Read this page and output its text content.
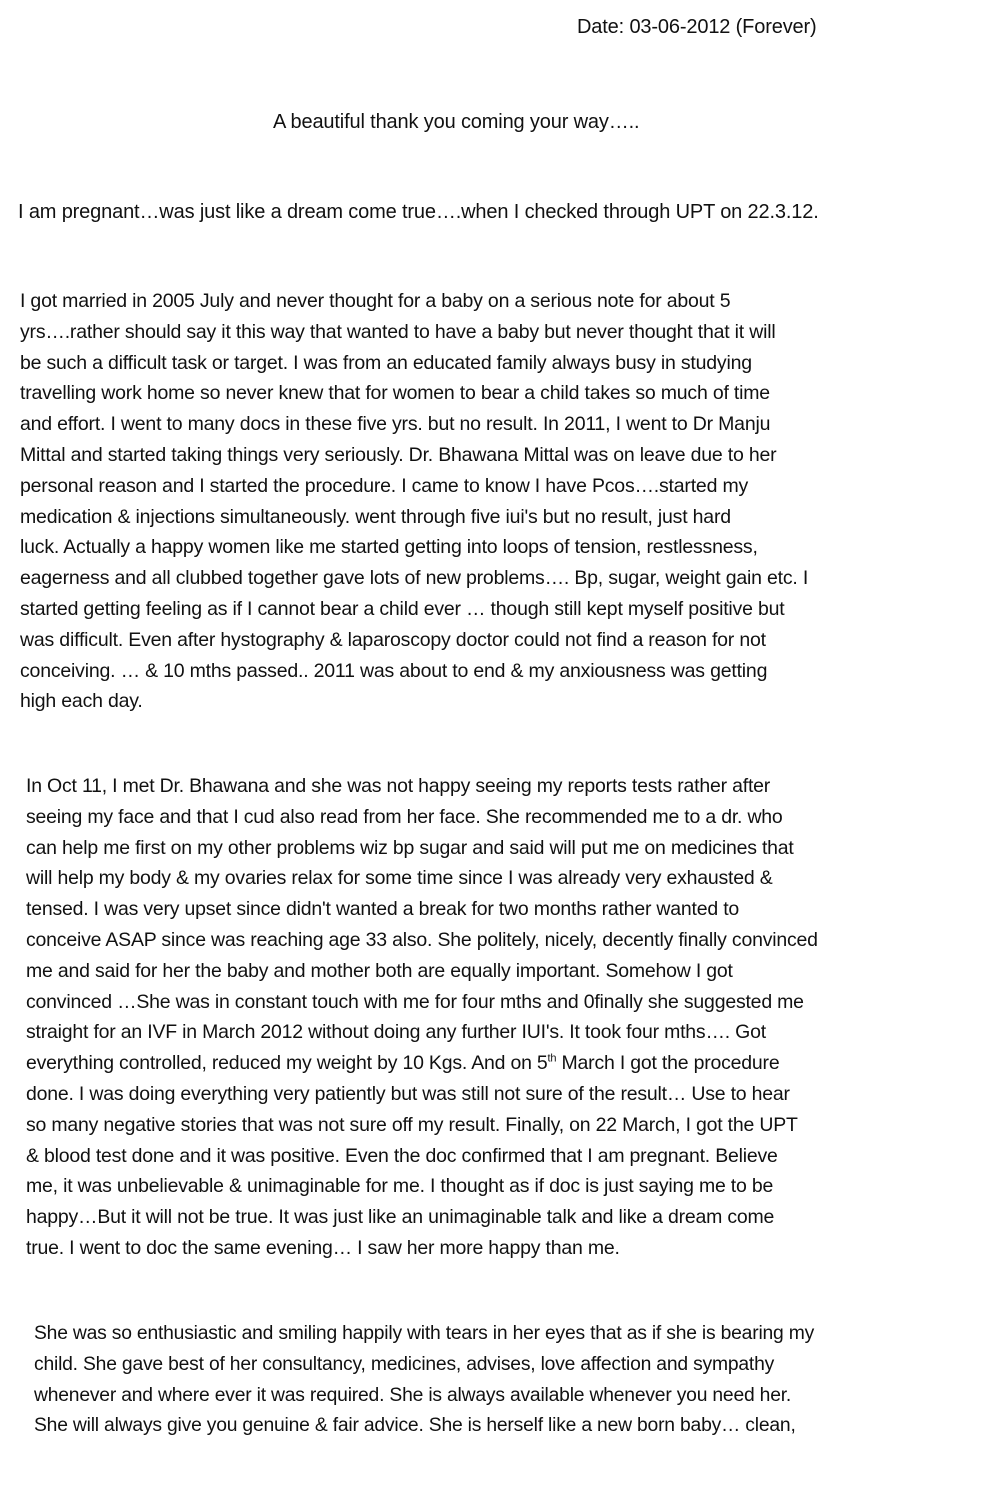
Date: 03-06-2012 (Forever)
A beautiful thank you coming your way…..
I am pregnant…was just like a dream come true….when I checked through UPT on 22.3.12.
I got married in 2005 July and never thought for a baby on a serious note for about 5
yrs….rather should say it this way that wanted to have a baby but never thought that it will
be such a difficult task or target. I was from an educated family always busy in studying
travelling work home so never knew that for women to bear a child takes so much of time
and effort. I went to many docs in these five yrs. but no result. In 2011, I went to Dr Manju
Mittal and started taking things very seriously. Dr. Bhawana Mittal was on leave due to her
personal reason and I started the procedure. I came to know I have Pcos….started my
medication & injections simultaneously. went through five iui's but no result, just hard
luck. Actually a happy women like me started getting into loops of tension, restlessness,
eagerness and all clubbed together gave lots of new problems…. Bp, sugar, weight gain etc. I
started getting feeling as if I cannot bear a child ever … though still kept myself positive but
was difficult. Even after hystography & laparoscopy doctor could not find a reason for not
conceiving. … & 10 mths passed.. 2011 was about to end & my anxiousness was getting
high each day.
In Oct 11, I met Dr. Bhawana and she was not happy seeing my reports tests rather after
seeing my face and that I cud also read from her face. She recommended me to a dr. who
can help me first on my other problems wiz bp sugar and said will put me on medicines that
will help my body & my ovaries relax for some time since I was already very exhausted &
tensed. I was very upset since didn't wanted a break for two months rather wanted to
conceive ASAP since was reaching age 33 also. She politely, nicely, decently finally convinced
me and said for her the baby and mother both are equally important. Somehow I got
convinced …She was in constant touch with me for four mths and 0finally she suggested me
straight for an IVF in March 2012 without doing any further IUI's. It took four mths…. Got
everything controlled, reduced my weight by 10 Kgs. And on 5th March I got the procedure
done. I was doing everything very patiently but was still not sure of the result… Use to hear
so many negative stories that was not sure off my result. Finally, on 22 March, I got the UPT
& blood test done and it was positive. Even the doc confirmed that I am pregnant. Believe
me, it was unbelievable & unimaginable for me. I thought as if doc is just saying me to be
happy…But it will not be true. It was just like an unimaginable talk and like a dream come
true. I went to doc the same evening… I saw her more happy than me.
She was so enthusiastic and smiling happily with tears in her eyes that as if she is bearing my
child. She gave best of her consultancy, medicines, advises, love affection and sympathy
whenever and where ever it was required. She is always available whenever you need her.
She will always give you genuine & fair advice. She is herself like a new born baby… clean,
